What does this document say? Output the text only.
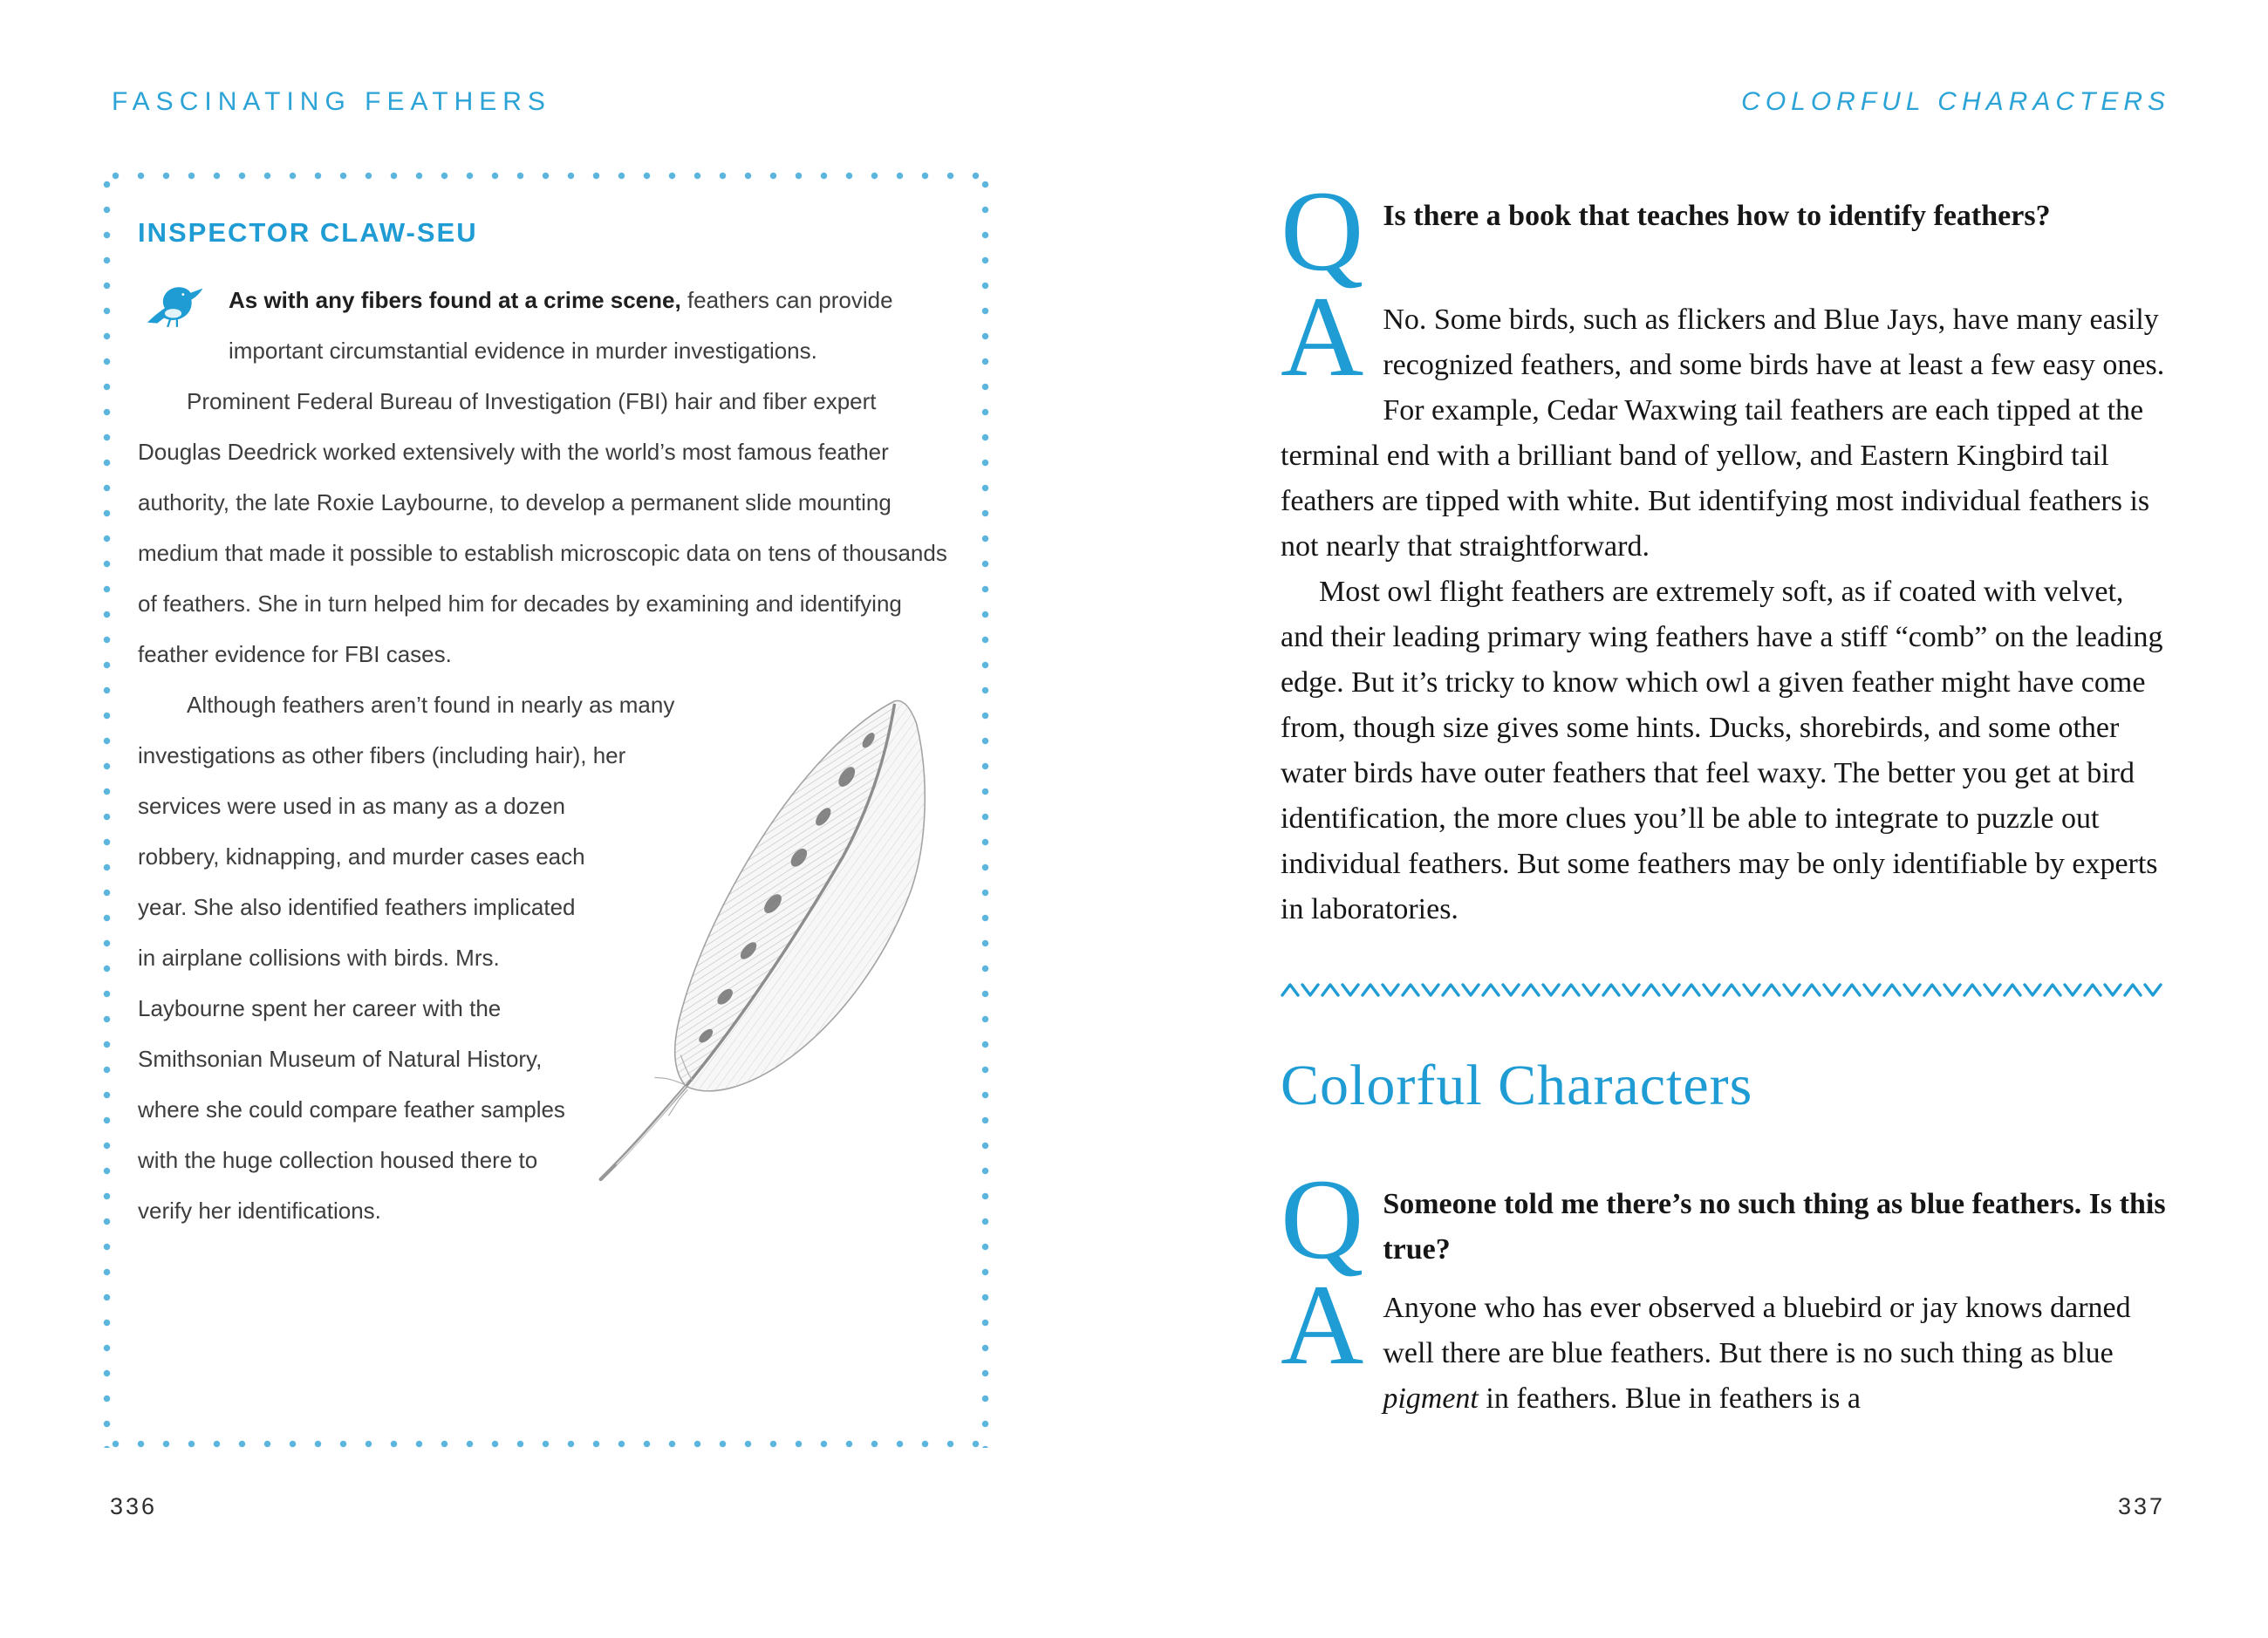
FASCINATING FEATHERS
INSPECTOR CLAW-SEU

As with any fibers found at a crime scene, feathers can provide important circumstantial evidence in murder investigations.

Prominent Federal Bureau of Investigation (FBI) hair and fiber expert Douglas Deedrick worked extensively with the world’s most famous feather authority, the late Roxie Laybourne, to develop a permanent slide mounting medium that made it possible to establish microscopic data on tens of thousands of feathers. She in turn helped him for decades by examining and identifying feather evidence for FBI cases.

Although feathers aren’t found in nearly as many investigations as other fibers (including hair), her services were used in as many as a dozen robbery, kidnapping, and murder cases each year. She also identified feathers implicated in airplane collisions with birds. Mrs. Laybourne spent her career with the Smithsonian Museum of Natural History, where she could compare feather samples with the huge collection housed there to verify her identifications.

336
COLORFUL CHARACTERS
Q Is there a book that teaches how to identify feathers?

A No. Some birds, such as flickers and Blue Jays, have many easily recognized feathers, and some birds have at least a few easy ones. For example, Cedar Waxwing tail feathers are each tipped at the terminal end with a brilliant band of yellow, and Eastern Kingbird tail feathers are tipped with white. But identifying most individual feathers is not nearly that straightforward.

Most owl flight feathers are extremely soft, as if coated with velvet, and their leading primary wing feathers have a stiff “comb” on the leading edge. But it’s tricky to know which owl a given feather might have come from, though size gives some hints. Ducks, shorebirds, and some other water birds have outer feathers that feel waxy. The better you get at bird identification, the more clues you’ll be able to integrate to puzzle out individual feathers. But some feathers may be only identifiable by experts in laboratories.

Colorful Characters
Q Someone told me there’s no such thing as blue feathers. Is this true?

A Anyone who has ever observed a bluebird or jay knows darned well there are blue feathers. But there is no such thing as blue pigment in feathers. Blue in feathers is a

337
